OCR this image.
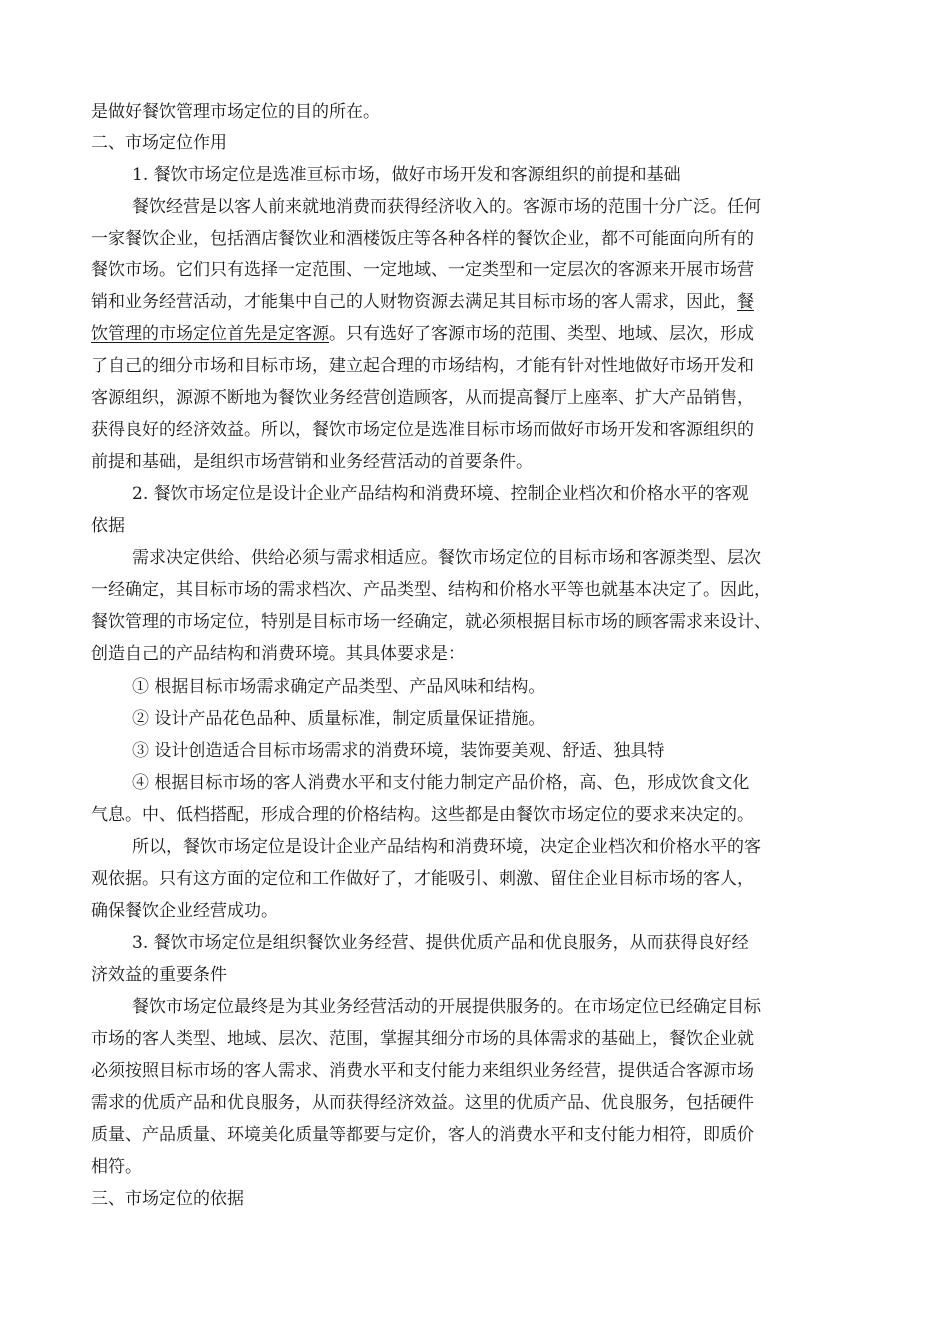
是做好餐饮管理市场定位的目的所在。
二、市场定位作用
1. 餐饮市场定位是选准亘标市场，做好市场开发和客源组织的前提和基础
餐饮经营是以客人前来就地消费而获得经济收入的。客源市场的范围十分广泛。任何
一家餐饮企业，包括酒店餐饮业和酒楼饭庄等各种各样的餐饮企业，都不可能面向所有的
餐饮市场。它们只有选择一定范围、一定地域、一定类型和一定层次的客源来开展市场营
销和业务经营活动，才能集中自己的人财物资源去满足其目标市场的客人需求，因此，餐
饮管理的市场定位首先是定客源。只有选好了客源市场的范围、类型、地域、层次，形成
了自己的细分市场和目标市场，建立起合理的市场结构，才能有针对性地做好市场开发和
客源组织，源源不断地为餐饮业务经营创造顾客，从而提高餐厅上座率、扩大产品销售，
获得良好的经济效益。所以，餐饮市场定位是选准目标市场而做好市场开发和客源组织的
前提和基础，是组织市场营销和业务经营活动的首要条件。
2. 餐饮市场定位是设计企业产品结构和消费环境、控制企业档次和价格水平的客观
依据
需求决定供给、供给必须与需求相适应。餐饮市场定位的目标市场和客源类型、层次
一经确定，其目标市场的需求档次、产品类型、结构和价格水平等也就基本决定了。因此，
餐饮管理的市场定位，特别是目标市场一经确定，就必须根据目标市场的顾客需求来设计、
创造自己的产品结构和消费环境。其具体要求是：
① 根据目标市场需求确定产品类型、产品风味和结构。
② 设计产品花色品种、质量标准，制定质量保证措施。
③ 设计创造适合目标市场需求的消费环境，装饰要美观、舒适、独具特
④ 根据目标市场的客人消费水平和支付能力制定产品价格，高、色，形成饮食文化
气息。中、低档搭配，形成合理的价格结构。这些都是由餐饮市场定位的要求来决定的。
所以，餐饮市场定位是设计企业产品结构和消费环境，决定企业档次和价格水平的客
观依据。只有这方面的定位和工作做好了，才能吸引、刺激、留住企业目标市场的客人，
确保餐饮企业经营成功。
3. 餐饮市场定位是组织餐饮业务经营、提供优质产品和优良服务，从而获得良好经
济效益的重要条件
餐饮市场定位最终是为其业务经营活动的开展提供服务的。在市场定位已经确定目标
市场的客人类型、地域、层次、范围，掌握其细分市场的具体需求的基础上，餐饮企业就
必须按照目标市场的客人需求、消费水平和支付能力来组织业务经营，提供适合客源市场
需求的优质产品和优良服务，从而获得经济效益。这里的优质产品、优良服务，包括硬件
质量、产品质量、环境美化质量等都要与定价，客人的消费水平和支付能力相符，即质价
相符。
三、市场定位的依据
